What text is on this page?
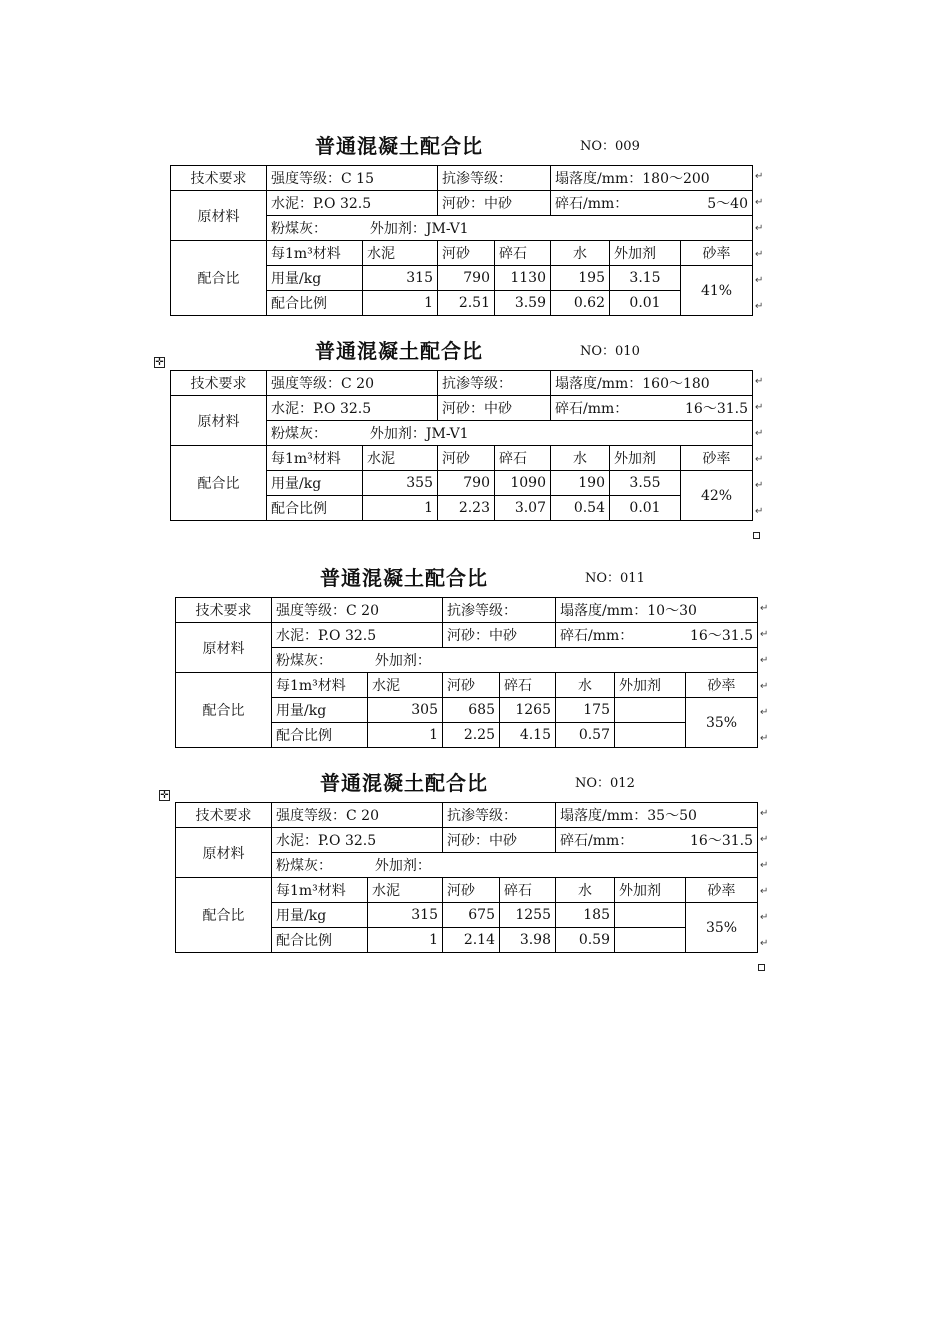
普通混凝土配合比	NO：009
技术要求	强度等级：C 15		抗渗等级：		塌落度/mm：180～200		
原材料	水泥：P.O 32.5		河砂：中砂		碎石/mm： 5～40		

	粉煤灰： 外加剂：JM-V1						
配合比	每1m³材料	水泥	河砂	碎石	水	外加剂	砂率
	用量/kg	315	790	1130	195	3.15	41%
	配合比例	1	2.51	3.59	0.62	0.01	
↵
↵
↵
↵
↵
↵
普通混凝土配合比	NO：010
技术要求	强度等级：C 20		抗渗等级：		塌落度/mm：160～180		
原材料	水泥：P.O 32.5		河砂：中砂		碎石/mm： 16～31.5		

	粉煤灰： 外加剂：JM-V1						
配合比	每1m³材料	水泥	河砂	碎石	水	外加剂	砂率
	用量/kg	355	790	1090	190	3.55	42%
	配合比例	1	2.23	3.07	0.54	0.01	
✛
↵
↵
↵
↵
↵
↵
普通混凝土配合比	NO：011
技术要求	强度等级：C 20		抗渗等级：		塌落度/mm：10～30		
原材料	水泥：P.O 32.5		河砂：中砂		碎石/mm： 16～31.5		

	粉煤灰： 外加剂：						
配合比	每1m³材料	水泥	河砂	碎石	水	外加剂	砂率
	用量/kg	305	685	1265	175		35%
	配合比例	1	2.25	4.15	0.57		
↵
↵
↵
↵
↵
↵
普通混凝土配合比	NO：012
技术要求	强度等级：C 20		抗渗等级：		塌落度/mm：35～50		
原材料	水泥：P.O 32.5		河砂：中砂		碎石/mm： 16～31.5		

	粉煤灰： 外加剂：						
配合比	每1m³材料	水泥	河砂	碎石	水	外加剂	砂率
	用量/kg	315	675	1255	185		35%
	配合比例	1	2.14	3.98	0.59		
✛
↵
↵
↵
↵
↵
↵
